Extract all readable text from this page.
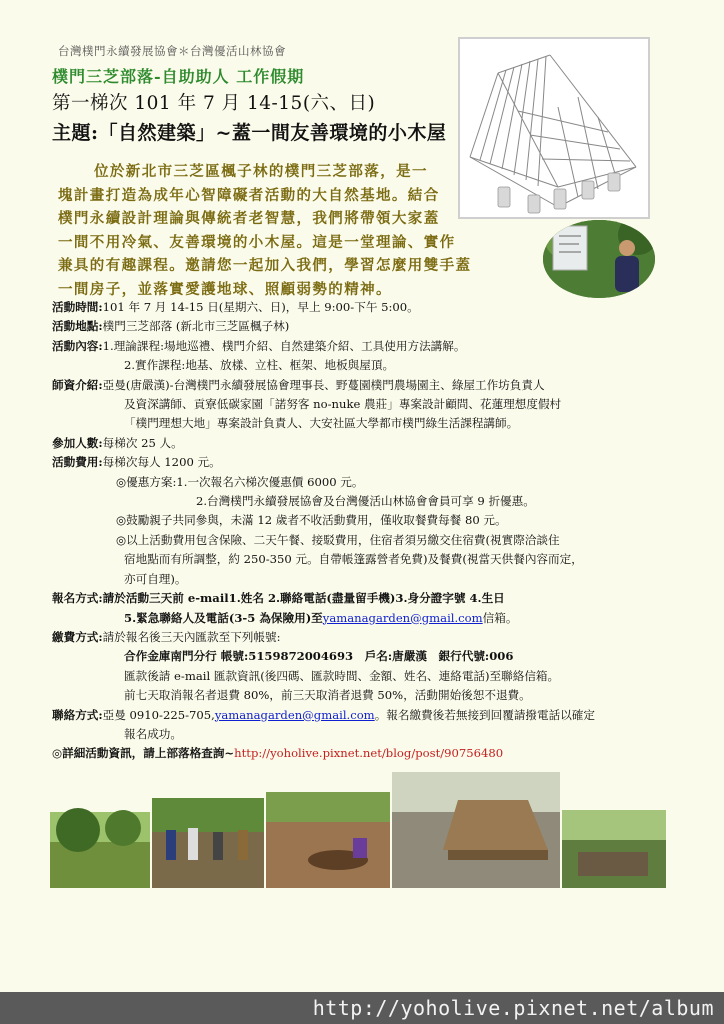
台灣樸門永續發展協會＊台灣優活山林協會
樸門三芝部落-自助助人 工作假期
第一梯次 101 年 7 月 14-15(六、日)
主題:「自然建築」~蓋一間友善環境的小木屋
位於新北市三芝區楓子林的樸門三芝部落，是一
塊計畫打造為成年心智障礙者活動的大自然基地。結合
樸門永續設計理論與傳統者老智慧，我們將帶領大家蓋
一間不用冷氣、友善環境的小木屋。這是一堂理論、實作
兼具的有趣課程。邀請您一起加入我們，學習怎麼用雙手蓋
一間房子，並落實愛護地球、照顧弱勢的精神。
活動時間: 101 年 7 月 14-15 日(星期六、日)，早上 9:00-下午 5:00。
活動地點: 樸門三芝部落 (新北市三芝區楓子林)
活動內容: 1.理論課程:場地巡禮、樸門介紹、自然建築介紹、工具使用方法講解。
2.實作課程:地基、放樣、立柱、框架、地板與屋頂。
師資介紹: 亞曼(唐嚴漢)-台灣樸門永續發展協會理事長、野蔓園樸門農場園主、綠屋工作坊負責人
及資深講師、貢寮低碳家園「諾努客 no-nuke 農莊」專案設計顧問、花蓮理想度假村
「樸門理想大地」專案設計負責人、大安社區大學都市樸門綠生活課程講師。
參加人數: 每梯次 25 人。
活動費用: 每梯次每人 1200 元。
◎優惠方案:1.一次報名六梯次優惠價 6000 元。
2.台灣樸門永續發展協會及台灣優活山林協會會員可享 9 折優惠。
◎鼓勵親子共同參與，未滿 12 歲者不收活動費用，僅收取餐費每餐 80 元。
◎以上活動費用包含保險、二天午餐、接駁費用，住宿者須另繳交住宿費(視實際洽談住
宿地點而有所調整，約 250-350 元。自帶帳篷露營者免費)及餐費(視當天供餐內容而定，
亦可自理)。
報名方式: 請於活動三天前 e-mail1.姓名 2.聯絡電話(盡量留手機)3.身分證字號 4.生日
5.緊急聯絡人及電話(3-5 為保險用)至yamanagarden@gmail.com信箱。
繳費方式: 請於報名後三天內匯款至下列帳號:
合作金庫南門分行 帳號:5159872004693　戶名:唐嚴漢　銀行代號:006
匯款後請 e-mail 匯款資訊(後四碼、匯款時間、金額、姓名、連絡電話)至聯絡信箱。
前七天取消報名者退費 80%，前三天取消者退費 50%，活動開始後恕不退費。
聯絡方式: 亞曼 0910-225-705,yamanagarden@gmail.com。報名繳費後若無接到回覆請撥電話以確定
報名成功。
◎詳細活動資訊，請上部落格查詢~http://yoholive.pixnet.net/blog/post/90756480
http://yoholive.pixnet.net/album
